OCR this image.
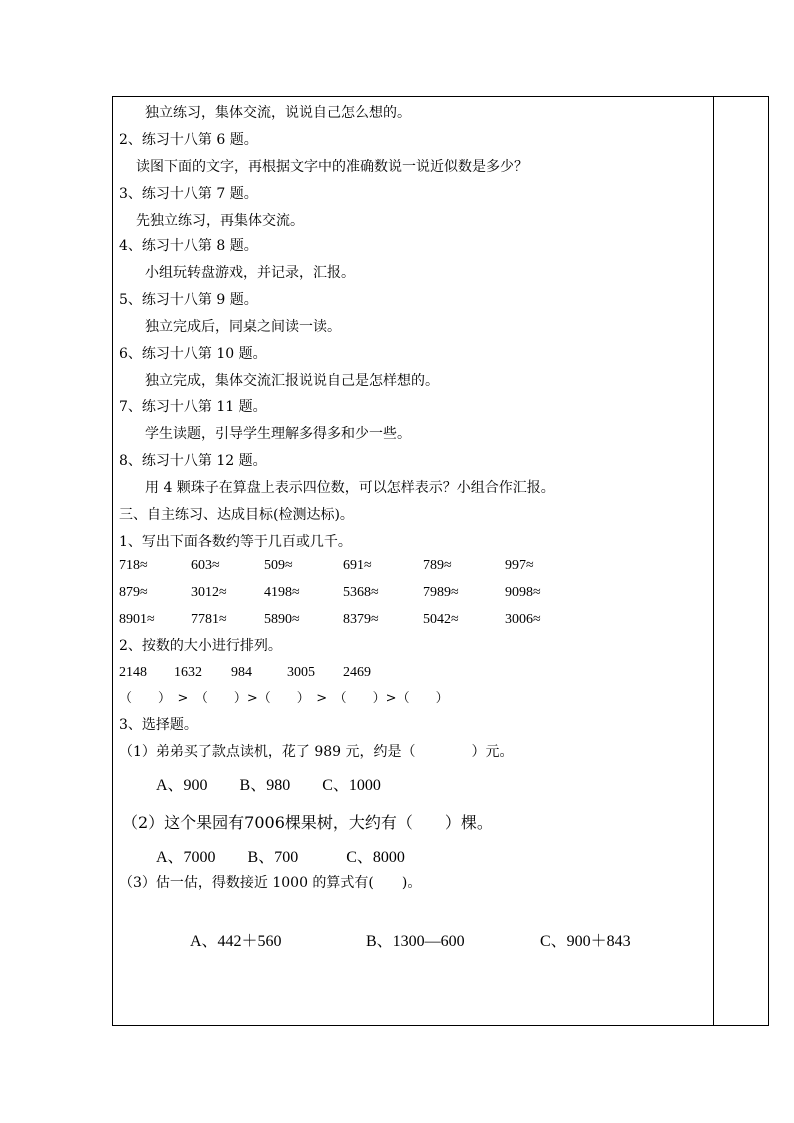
独立练习，集体交流，说说自己怎么想的。
2、练习十八第 6 题。
读图下面的文字，再根据文字中的准确数说一说近似数是多少？
3、练习十八第 7 题。
先独立练习，再集体交流。
4、练习十八第 8 题。
小组玩转盘游戏，并记录，汇报。
5、练习十八第 9 题。
独立完成后，同桌之间读一读。
6、练习十八第 10 题。
独立完成，集体交流汇报说说自己是怎样想的。
7、练习十八第 11 题。
学生读题，引导学生理解多得多和少一些。
8、练习十八第 12 题。
用 4 颗珠子在算盘上表示四位数，可以怎样表示？小组合作汇报。
三、自主练习、达成目标(检测达标)。
1、写出下面各数约等于几百或几千。
718≈	603≈	509≈	691≈	789≈	997≈
879≈	3012≈	4198≈	5368≈	7989≈	9098≈
8901≈	7781≈	5890≈	8379≈	5042≈	3006≈
2、按数的大小进行排列。
2148 1632 984	3005 2469
（　　）　>　（　　）>（　　）　>　（　　）>（　　）
3、选择题。
（1）弟弟买了款点读机，花了 989 元，约是（　　　　）元。
A、900　　B、980　　C、1000
（2）这个果园有7006棵果树，大约有（　　）棵。
A、7000　　B、700　　　C、8000
（3）估一估，得数接近 1000 的算式有(　　)。
A、442＋560	B、1300—600	C、900＋843
